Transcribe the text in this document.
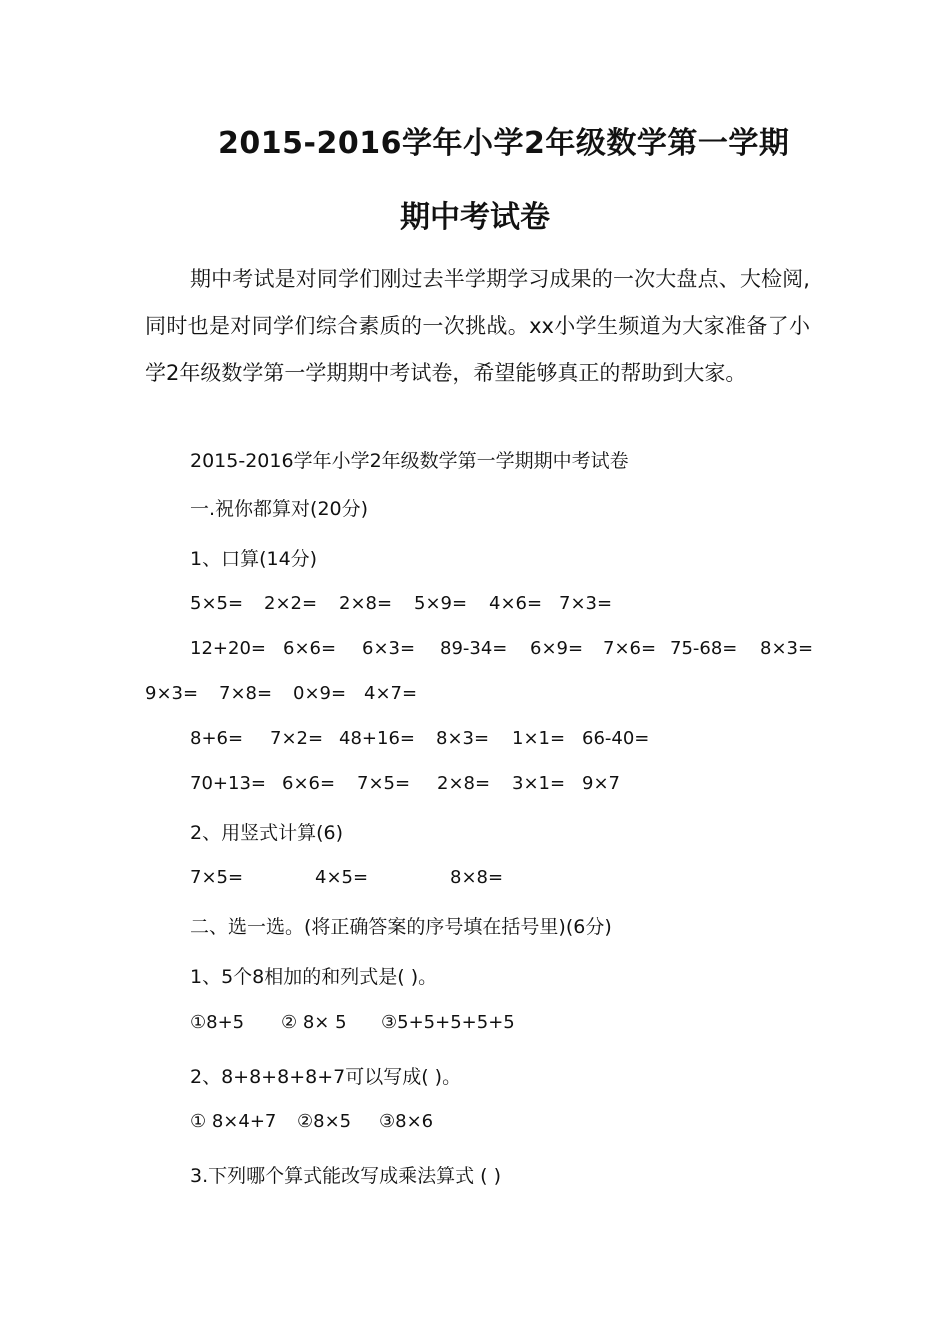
2015-2016学年小学2年级数学第一学期
期中考试卷
期中考试是对同学们刚过去半学期学习成果的一次大盘点、大检阅,同时也是对同学们综合素质的一次挑战。xx小学生频道为大家准备了小学2年级数学第一学期期中考试卷，希望能够真正的帮助到大家。
2015-2016学年小学2年级数学第一学期期中考试卷
一.祝你都算对(20分)
1、口算(14分)
5×5= 2×2= 2×8= 5×9= 4×6= 7×3=
12+20= 6×6= 6×3= 89-34= 6×9= 7×6= 75-68= 8×3=
9×3= 7×8= 0×9= 4×7=
8+6= 7×2= 48+16= 8×3= 1×1= 66-40=
70+13= 6×6= 7×5= 2×8= 3×1= 9×7
2、用竖式计算(6)
7×5=	4×5=	8×8=
二、选一选。(将正确答案的序号填在括号里)(6分)
1、5个8相加的和列式是( )。
①8+5 ② 8× 5 ③5+5+5+5+5
2、8+8+8+8+7可以写成( )。
① 8×4+7 ②8×5 ③8×6
3.下列哪个算式能改写成乘法算式 ( )
